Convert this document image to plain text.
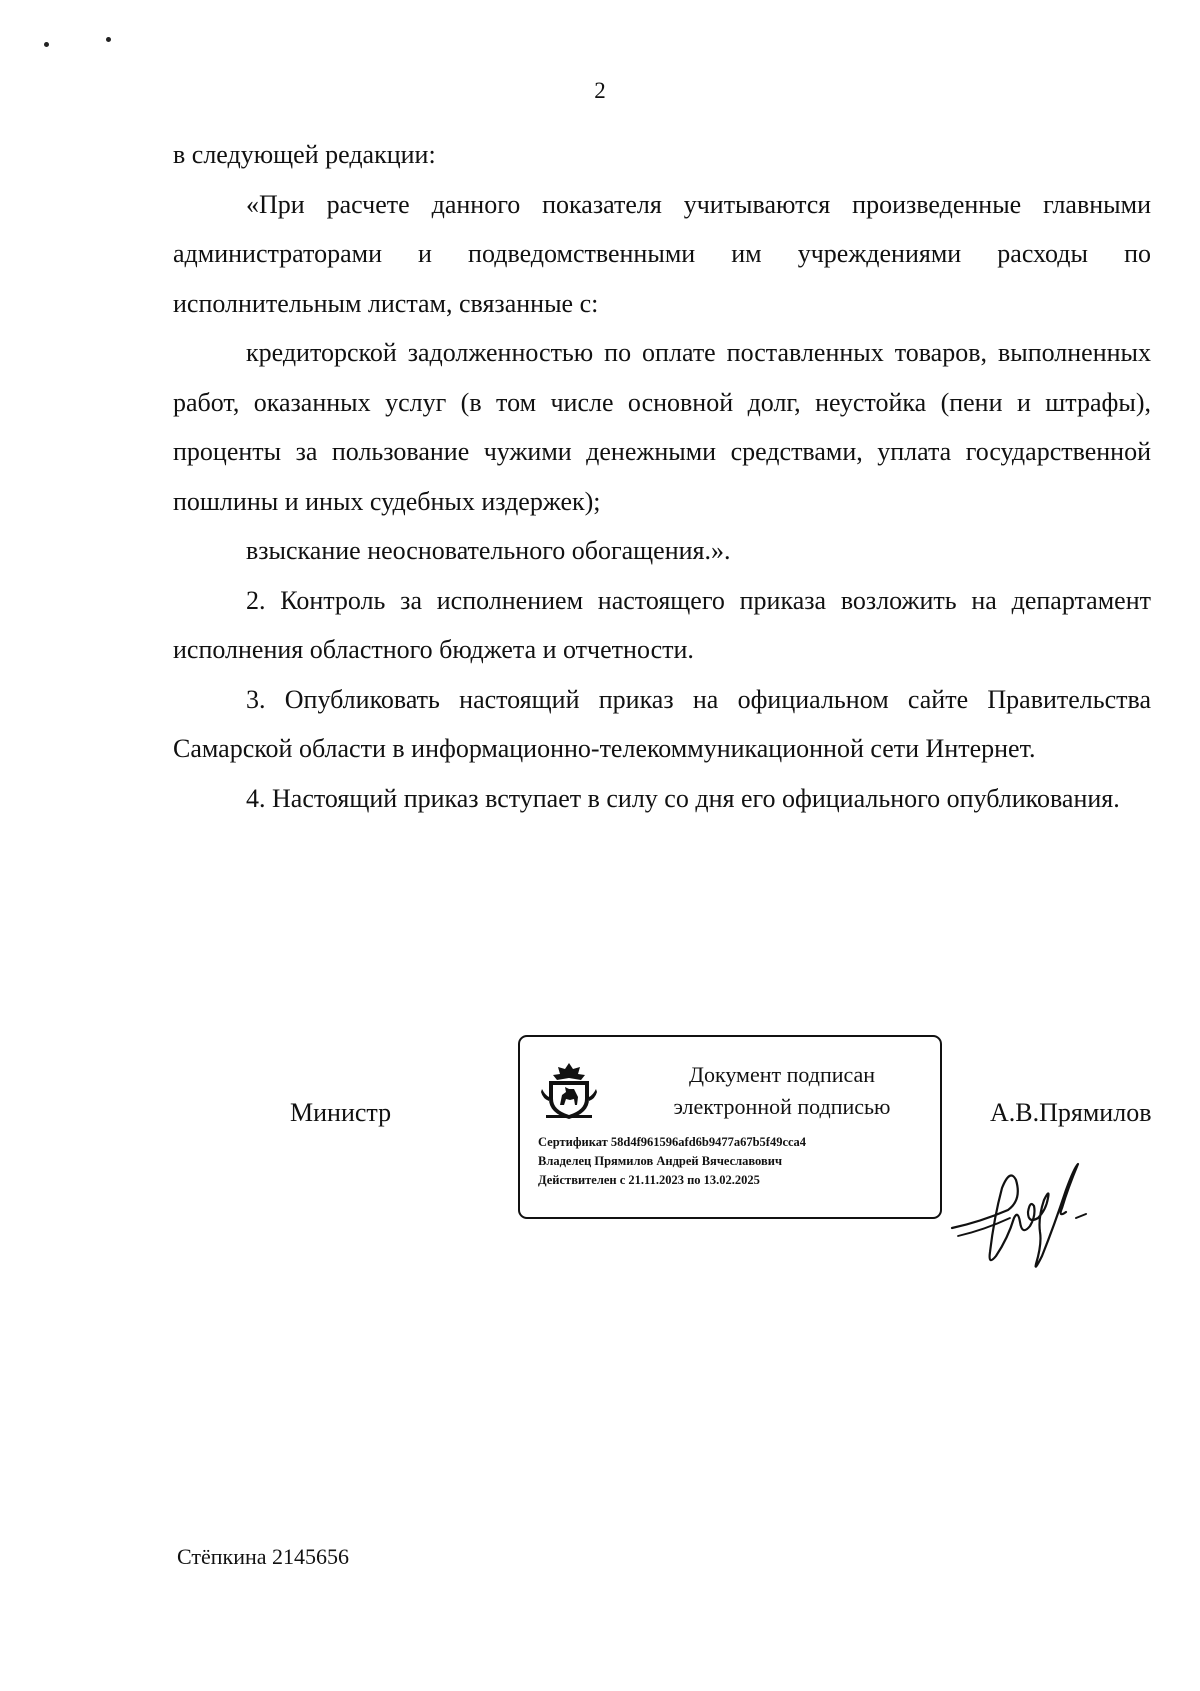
2

в следующей редакции:

«При расчете данного показателя учитываются произведенные главными администраторами и подведомственными им учреждениями расходы по исполнительным листам, связанные с:

кредиторской задолженностью по оплате поставленных товаров, выполненных работ, оказанных услуг (в том числе основной долг, неустойка (пени и штрафы), проценты за пользование чужими денежными средствами, уплата государственной пошлины и иных судебных издержек);

взыскание неосновательного обогащения.».

2. Контроль за исполнением настоящего приказа возложить на департамент исполнения областного бюджета и отчетности.

3. Опубликовать настоящий приказ на официальном сайте Правительства Самарской области в информационно-телекоммуникационной сети Интернет.

4. Настоящий приказ вступает в силу со дня его официального опубликования.

Министр
Документ подписан
электронной подписью
Сертификат 58d4f961596afd6b9477a67b5f49cca4
Владелец Прямилов Андрей Вячеславович
Действителен с 21.11.2023 по 13.02.2025
А.В.Прямилов
Стёпкина 2145656
